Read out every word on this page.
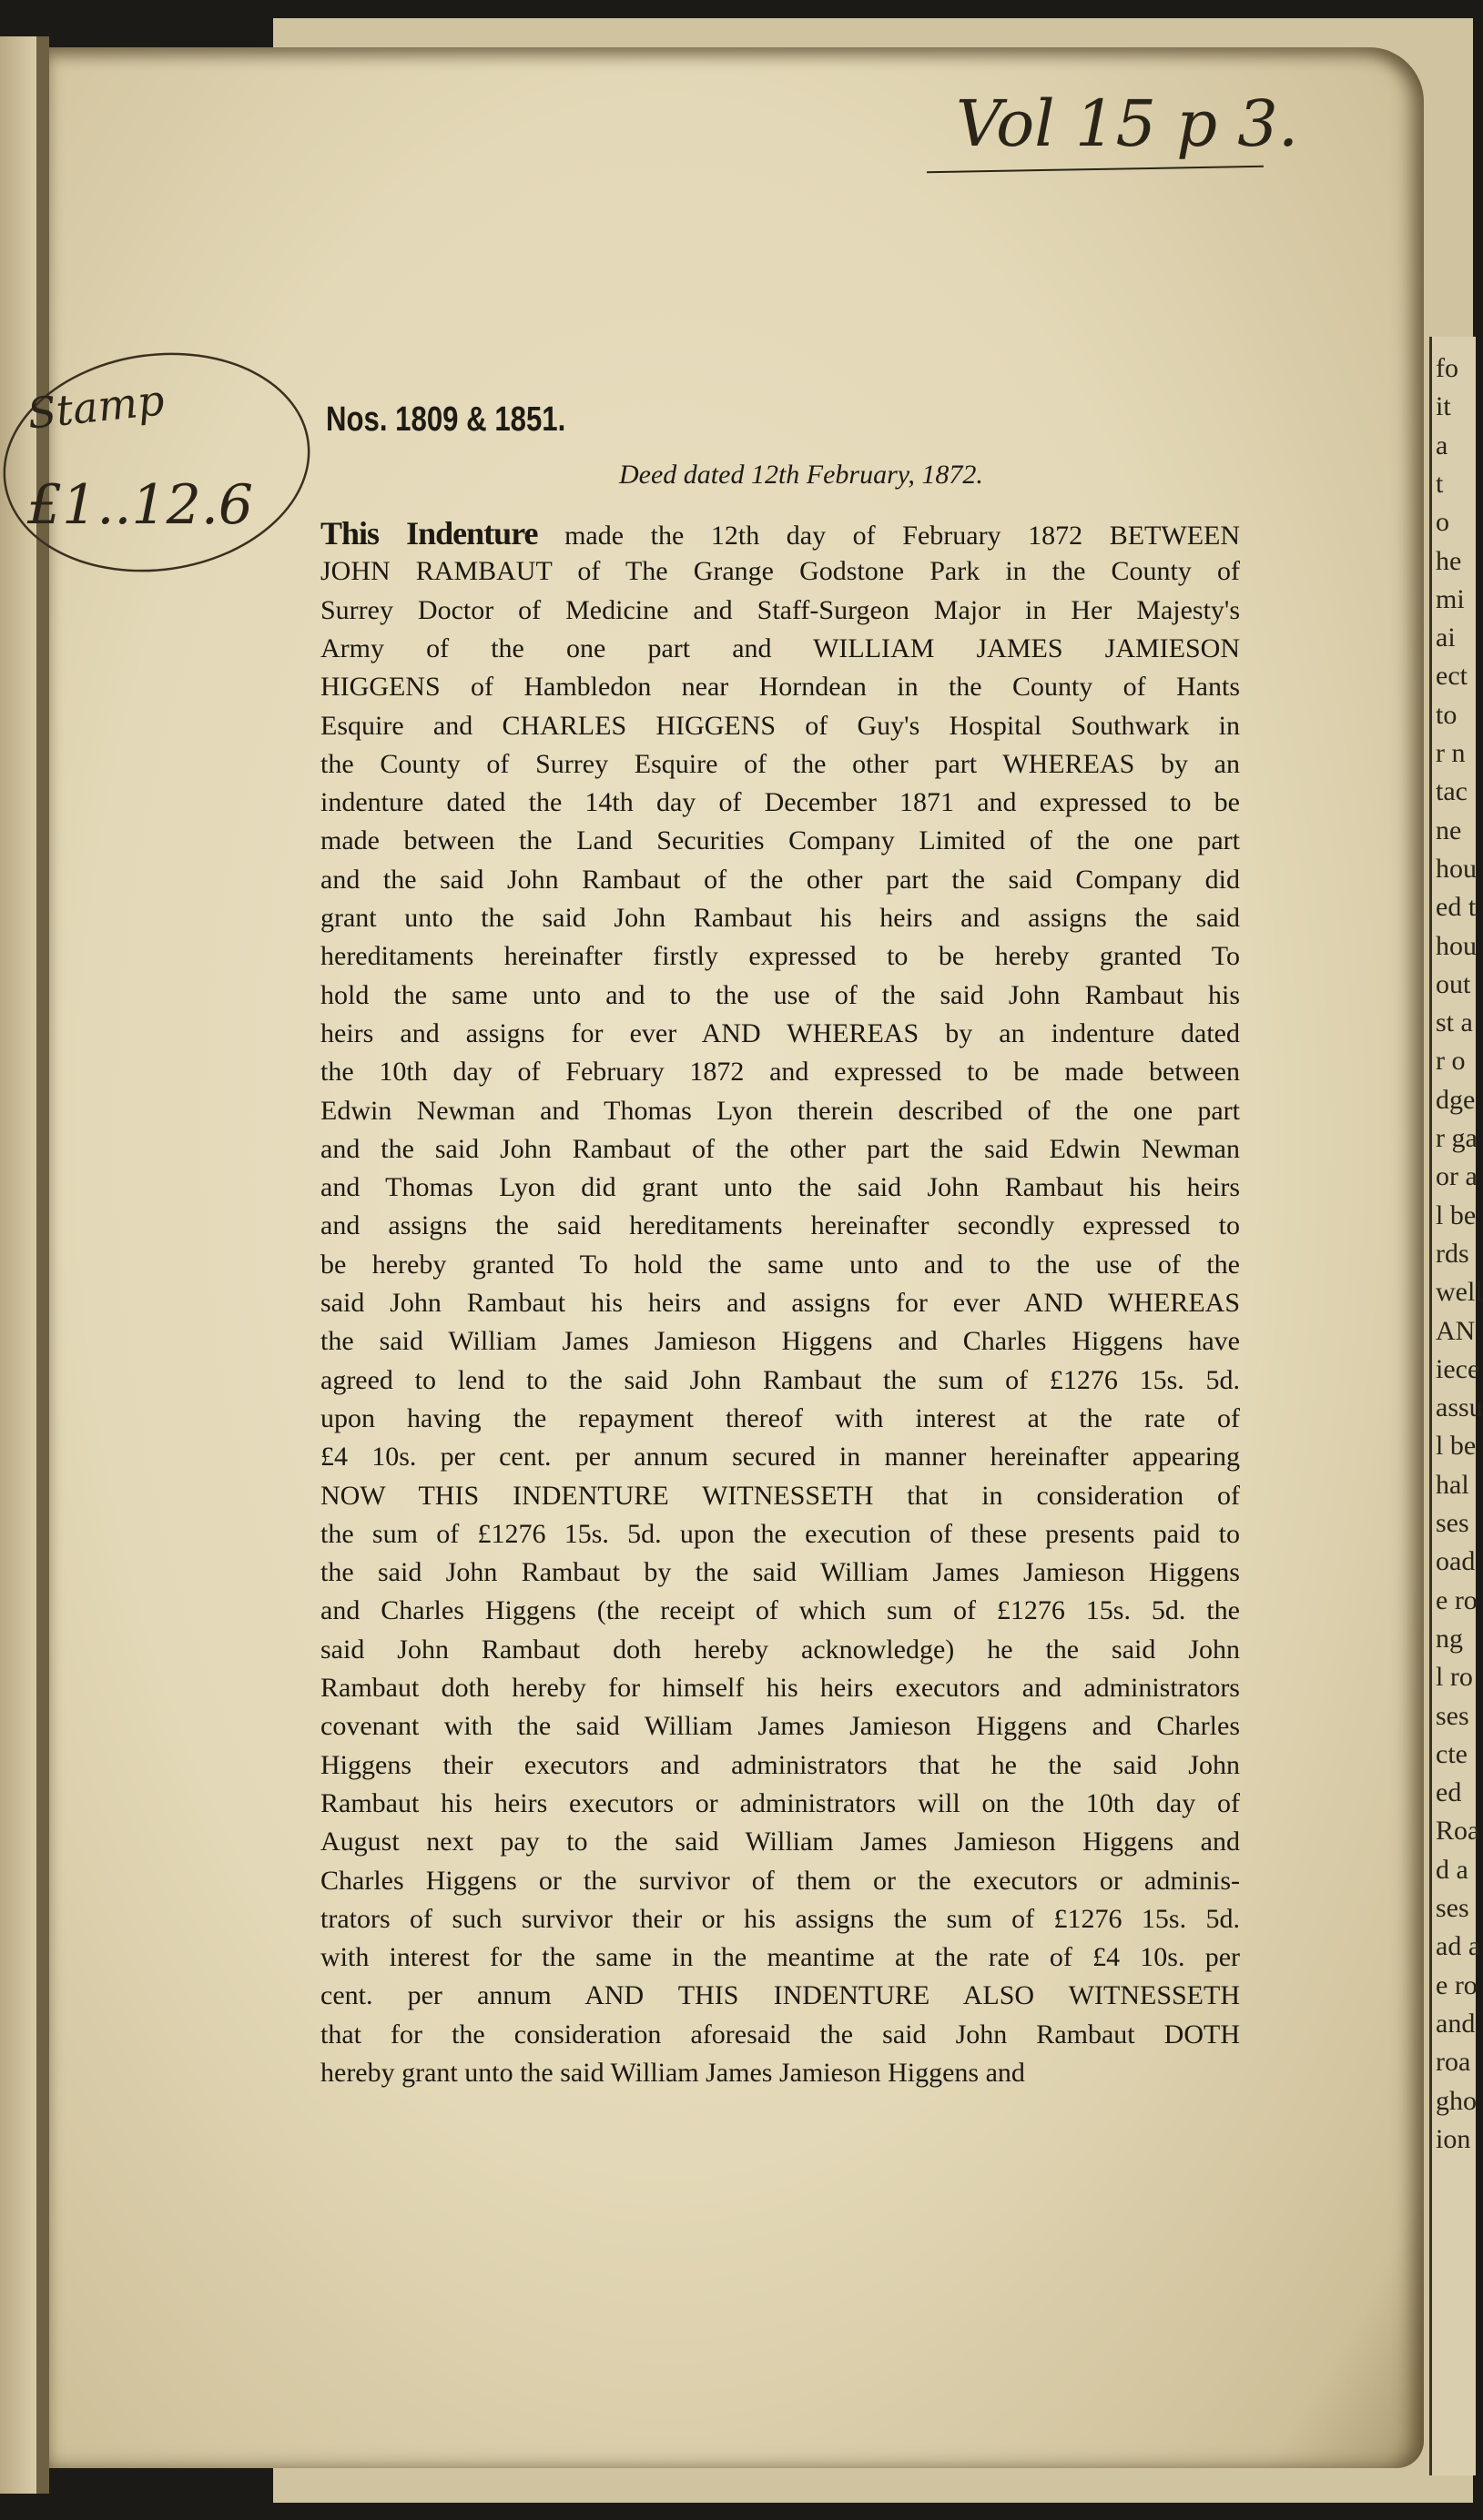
fo
it
a
t
o
he
mi
ai
ect
to
r n
tac
ne
hou
ed t
hou
out
st a
r o
dge
r ga
or a
l be
rds
well
AN
iece
assu
l be
hal
ses
oad
e ro
ng
l ro
ses
cte
ed
Roa
d a
ses
ad a
e ro
and
roa
gho
ion
Vol 15 p 3.
Stamp
£1..12.6
Nos. 1809 & 1851.
Deed dated 12th February, 1872.
This Indenture made the 12th day of February 1872 BETWEEN
JOHN RAMBAUT of The Grange Godstone Park in the County of
Surrey Doctor of Medicine and Staff-Surgeon Major in Her Majesty's
Army of the one part and WILLIAM JAMES JAMIESON
HIGGENS of Hambledon near Horndean in the County of Hants
Esquire and CHARLES HIGGENS of Guy's Hospital Southwark in
the County of Surrey Esquire of the other part WHEREAS by an
indenture dated the 14th day of December 1871 and expressed to be
made between the Land Securities Company Limited of the one part
and the said John Rambaut of the other part the said Company did
grant unto the said John Rambaut his heirs and assigns the said
hereditaments hereinafter firstly expressed to be hereby granted To
hold the same unto and to the use of the said John Rambaut his
heirs and assigns for ever AND WHEREAS by an indenture dated
the 10th day of February 1872 and expressed to be made between
Edwin Newman and Thomas Lyon therein described of the one part
and the said John Rambaut of the other part the said Edwin Newman
and Thomas Lyon did grant unto the said John Rambaut his heirs
and assigns the said hereditaments hereinafter secondly expressed to
be hereby granted To hold the same unto and to the use of the
said John Rambaut his heirs and assigns for ever AND WHEREAS
the said William James Jamieson Higgens and Charles Higgens have
agreed to lend to the said John Rambaut the sum of £1276 15s. 5d.
upon having the repayment thereof with interest at the rate of
£4 10s. per cent. per annum secured in manner hereinafter appearing
NOW THIS INDENTURE WITNESSETH that in consideration of
the sum of £1276 15s. 5d. upon the execution of these presents paid to
the said John Rambaut by the said William James Jamieson Higgens
and Charles Higgens (the receipt of which sum of £1276 15s. 5d. the
said John Rambaut doth hereby acknowledge) he the said John
Rambaut doth hereby for himself his heirs executors and administrators
covenant with the said William James Jamieson Higgens and Charles
Higgens their executors and administrators that he the said John
Rambaut his heirs executors or administrators will on the 10th day of
August next pay to the said William James Jamieson Higgens and
Charles Higgens or the survivor of them or the executors or adminis-
trators of such survivor their or his assigns the sum of £1276 15s. 5d.
with interest for the same in the meantime at the rate of £4 10s. per
cent. per annum AND THIS INDENTURE ALSO WITNESSETH
that for the consideration aforesaid the said John Rambaut DOTH
hereby grant unto the said William James Jamieson Higgens and
